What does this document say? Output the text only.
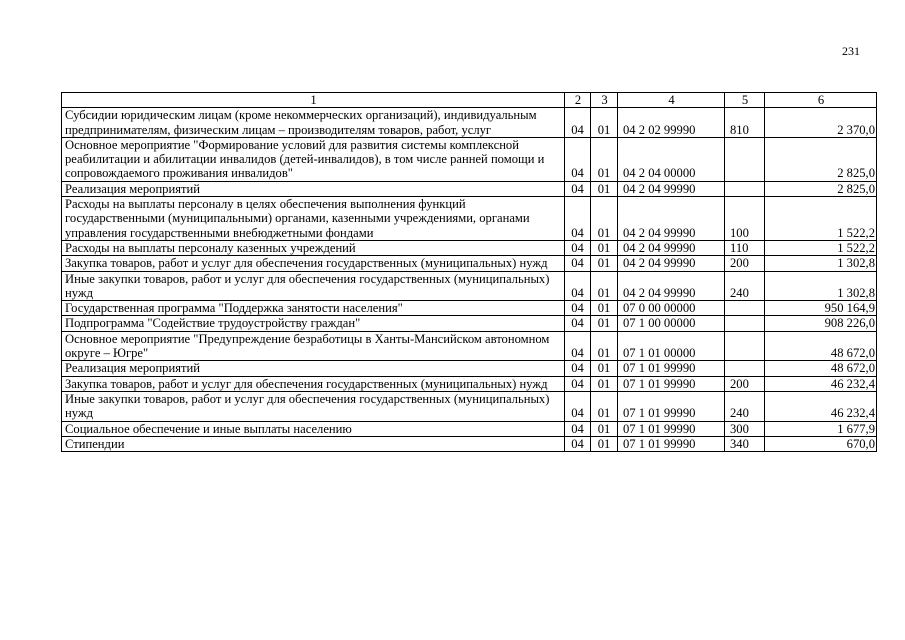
231
1	2	3	4	5	6
Субсидии юридическим лицам (кроме некоммерческих организаций), индивидуальным предпринимателям, физическим лицам – производителям товаров, работ, услуг	04	01	04 2 02 99990	810	2 370,0
Основное мероприятие "Формирование условий для развития системы комплексной реабилитации и абилитации инвалидов (детей-инвалидов), в том числе ранней помощи и сопровождаемого проживания инвалидов"	04	01	04 2 04 00000		2 825,0
Реализация мероприятий	04	01	04 2 04 99990		2 825,0
Расходы на выплаты персоналу в целях обеспечения выполнения функций государственными (муниципальными) органами, казенными учреждениями, органами управления государственными внебюджетными фондами	04	01	04 2 04 99990	100	1 522,2
Расходы на выплаты персоналу казенных учреждений	04	01	04 2 04 99990	110	1 522,2
Закупка товаров, работ и услуг для обеспечения государственных (муниципальных) нужд	04	01	04 2 04 99990	200	1 302,8
Иные закупки товаров, работ и услуг для обеспечения государственных (муниципальных) нужд	04	01	04 2 04 99990	240	1 302,8
Государственная программа "Поддержка занятости населения"	04	01	07 0 00 00000		950 164,9
Подпрограмма "Содействие трудоустройству граждан"	04	01	07 1 00 00000		908 226,0
Основное мероприятие "Предупреждение безработицы в Ханты-Мансийском автономном округе – Югре"	04	01	07 1 01 00000		48 672,0
Реализация мероприятий	04	01	07 1 01 99990		48 672,0
Закупка товаров, работ и услуг для обеспечения государственных (муниципальных) нужд	04	01	07 1 01 99990	200	46 232,4
Иные закупки товаров, работ и услуг для обеспечения государственных (муниципальных) нужд	04	01	07 1 01 99990	240	46 232,4
Социальное обеспечение и иные выплаты населению	04	01	07 1 01 99990	300	1 677,9
Стипендии	04	01	07 1 01 99990	340	670,0
